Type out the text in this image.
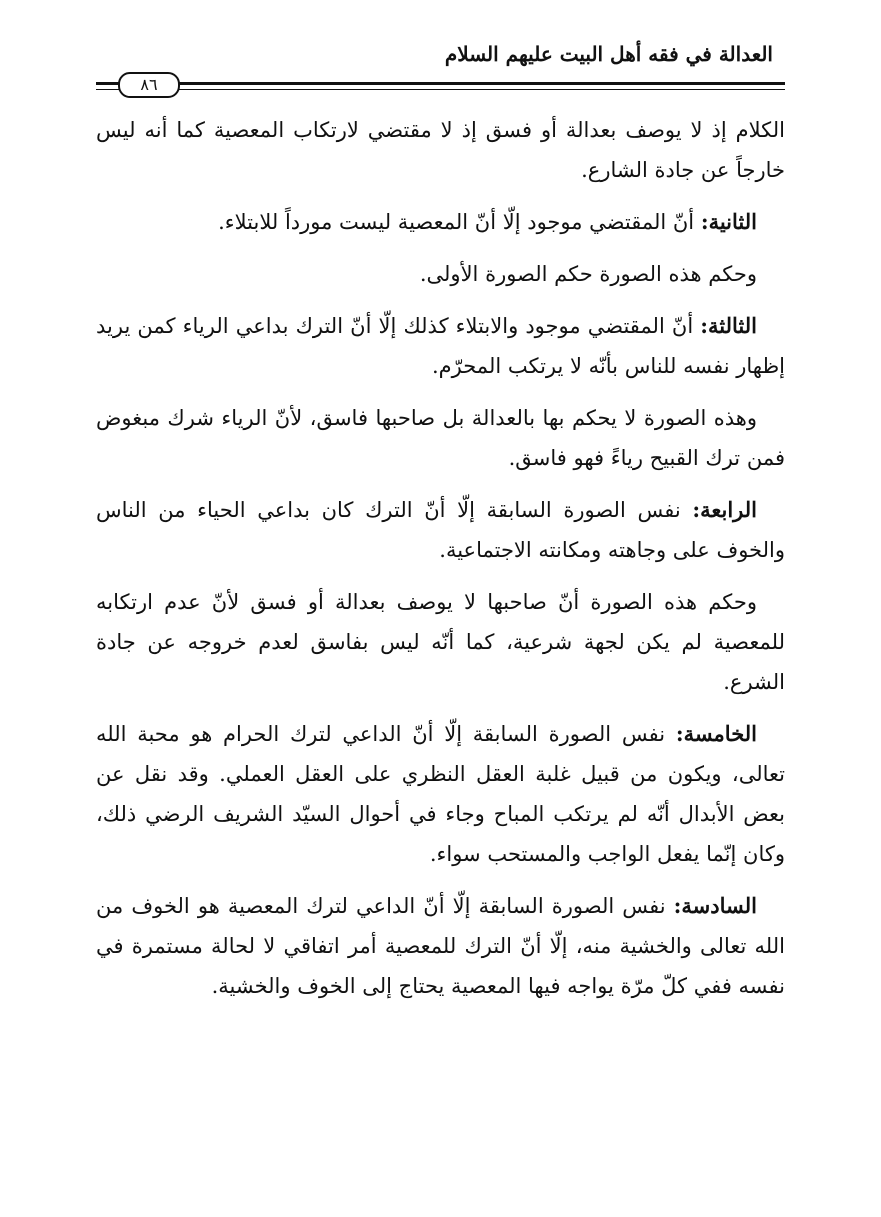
العدالة في فقه أهل البيت عليهم السلام
٨٦

الكلام إذ لا يوصف بعدالة أو فسق إذ لا مقتضي لارتكاب المعصية كما أنه ليس خارجاً عن جادة الشارع.

الثانية: أنّ المقتضي موجود إلّا أنّ المعصية ليست مورداً للابتلاء.

وحكم هذه الصورة حكم الصورة الأولى.

الثالثة: أنّ المقتضي موجود والابتلاء كذلك إلّا أنّ الترك بداعي الرياء كمن يريد إظهار نفسه للناس بأنّه لا يرتكب المحرّم.

وهذه الصورة لا يحكم بها بالعدالة بل صاحبها فاسق، لأنّ الرياء شرك مبغوض فمن ترك القبيح رياءً فهو فاسق.

الرابعة: نفس الصورة السابقة إلّا أنّ الترك كان بداعي الحياء من الناس والخوف على وجاهته ومكانته الاجتماعية.

وحكم هذه الصورة أنّ صاحبها لا يوصف بعدالة أو فسق لأنّ عدم ارتكابه للمعصية لم يكن لجهة شرعية، كما أنّه ليس بفاسق لعدم خروجه عن جادة الشرع.

الخامسة: نفس الصورة السابقة إلّا أنّ الداعي لترك الحرام هو محبة الله تعالى، ويكون من قبيل غلبة العقل النظري على العقل العملي. وقد نقل عن بعض الأبدال أنّه لم يرتكب المباح وجاء في أحوال السيّد الشريف الرضي ذلك، وكان إنّما يفعل الواجب والمستحب سواء.

السادسة: نفس الصورة السابقة إلّا أنّ الداعي لترك المعصية هو الخوف من الله تعالى والخشية منه، إلّا أنّ الترك للمعصية أمر اتفاقي لا لحالة مستمرة في نفسه ففي كلّ مرّة يواجه فيها المعصية يحتاج إلى الخوف والخشية.
